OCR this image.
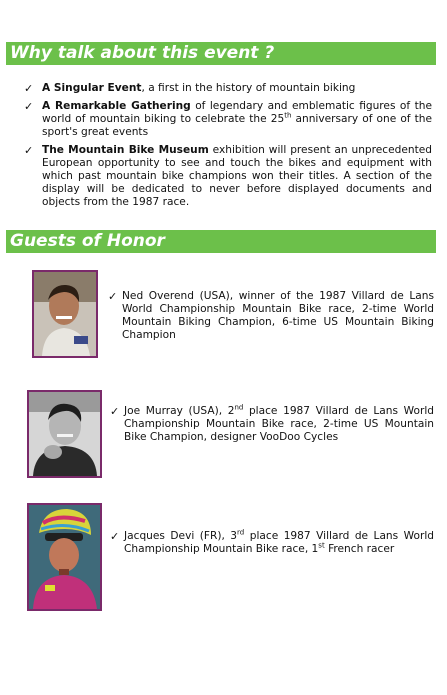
Why talk about this event ?
✓ A Singular Event, a first in the history of mountain biking
✓ A Remarkable Gathering of legendary and emblematic figures of the world of mountain biking to celebrate the 25th anniversary of one of the sport's great events
✓ The Mountain Bike Museum exhibition will present an unprecedented European opportunity to see and touch the bikes and equipment with which past mountain bike champions won their titles. A section of the display will be dedicated to never before displayed documents and objects from the 1987 race.
Guests of Honor
✓ Ned Overend (USA), winner of the 1987 Villard de Lans World Championship Mountain Bike race, 2-time World Mountain Biking Champion, 6-time US Mountain Biking Champion
✓ Joe Murray (USA), 2nd place 1987 Villard de Lans World Championship Mountain Bike race, 2-time US Mountain Bike Champion, designer VooDoo Cycles
✓ Jacques Devi (FR), 3rd place 1987 Villard de Lans World Championship Mountain Bike race, 1st French racer
